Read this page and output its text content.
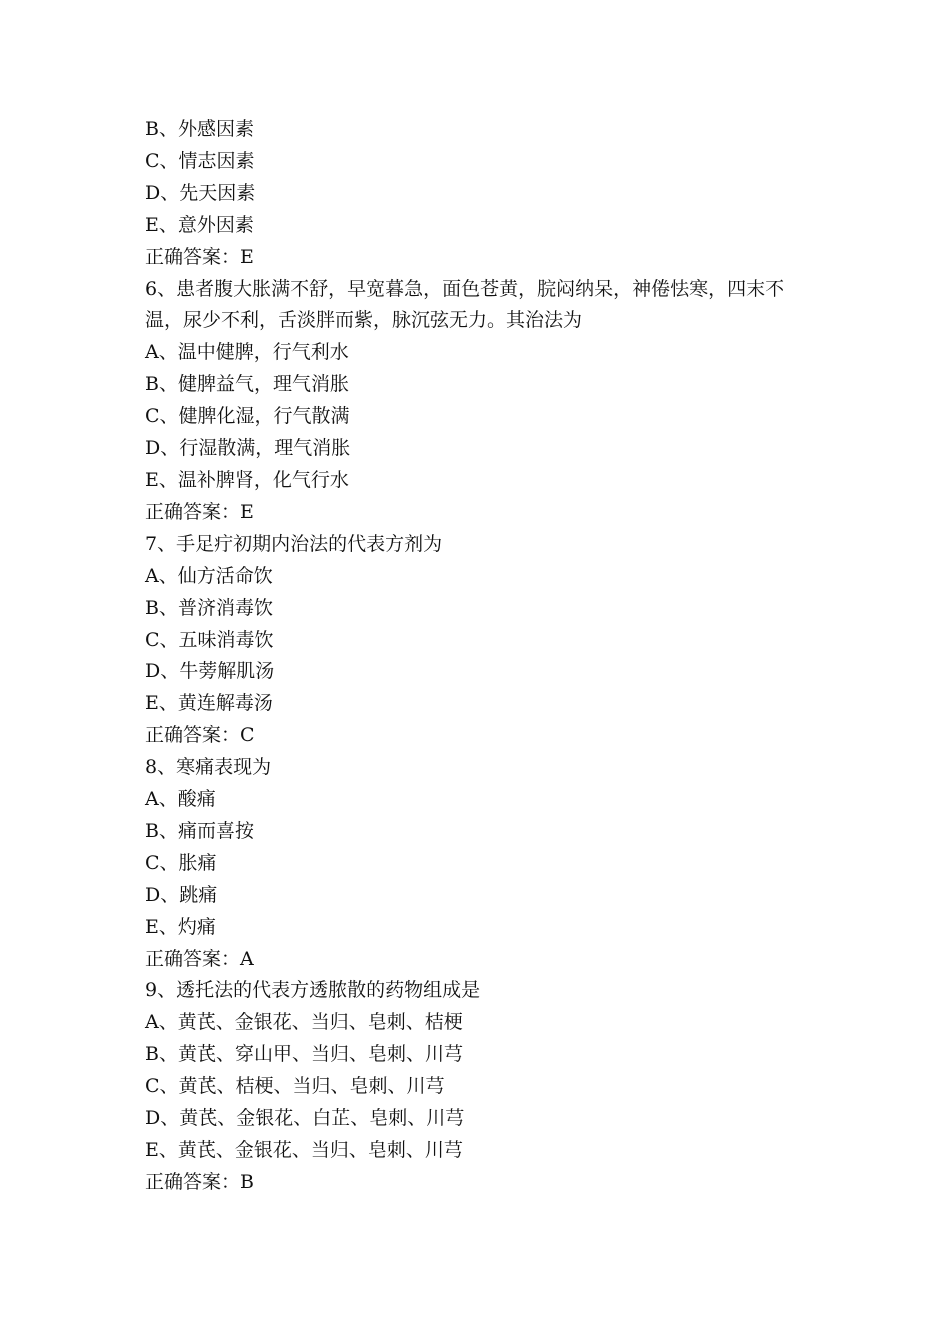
B、外感因素

C、情志因素

D、先天因素

E、意外因素

正确答案：E

6、患者腹大胀满不舒，早宽暮急，面色苍黄，脘闷纳呆，神倦怯寒，四末不温，尿少不利，舌淡胖而紫，脉沉弦无力。其治法为

A、温中健脾，行气利水

B、健脾益气，理气消胀

C、健脾化湿，行气散满

D、行湿散满，理气消胀

E、温补脾肾，化气行水

正确答案：E

7、手足疔初期内治法的代表方剂为

A、仙方活命饮

B、普济消毒饮

C、五味消毒饮

D、牛蒡解肌汤

E、黄连解毒汤

正确答案：C

8、寒痛表现为

A、酸痛

B、痛而喜按

C、胀痛

D、跳痛

E、灼痛

正确答案：A

9、透托法的代表方透脓散的药物组成是

A、黄芪、金银花、当归、皂刺、桔梗

B、黄芪、穿山甲、当归、皂刺、川芎

C、黄芪、桔梗、当归、皂刺、川芎

D、黄芪、金银花、白芷、皂刺、川芎

E、黄芪、金银花、当归、皂刺、川芎

正确答案：B
